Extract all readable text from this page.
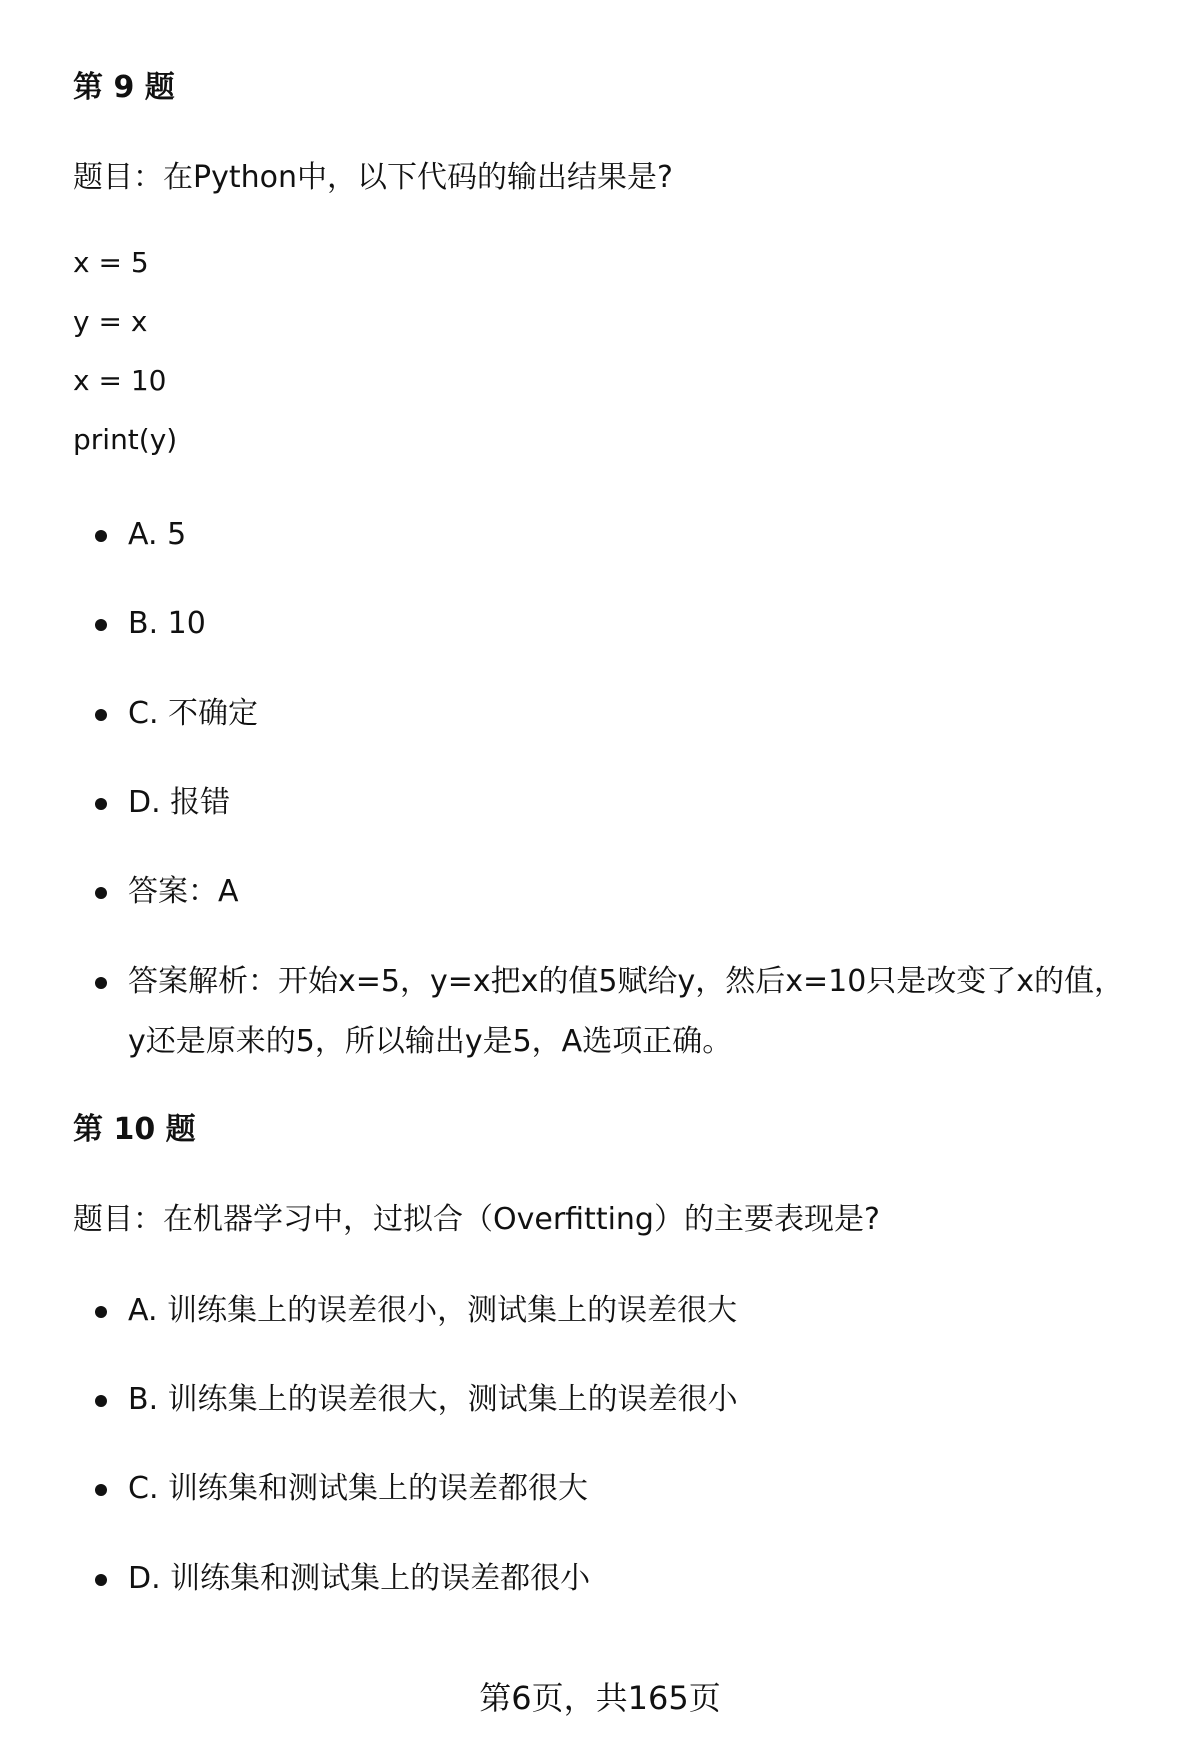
第 9 题

题目：在Python中，以下代码的输出结果是?

x = 5

y = x

x = 10

print(y)

A. 5
B. 10
C. 不确定
D. 报错
答案：A
答案解析：开始x=5，y=x把x的值5赋给y，然后x=10只是改变了x的值，y还是原来的5，所以输出y是5，A选项正确。
第 10 题

题目：在机器学习中，过拟合（Overfitting）的主要表现是?

A. 训练集上的误差很小，测试集上的误差很大
B. 训练集上的误差很大，测试集上的误差很小
C. 训练集和测试集上的误差都很大
D. 训练集和测试集上的误差都很小

第6页，共165页
